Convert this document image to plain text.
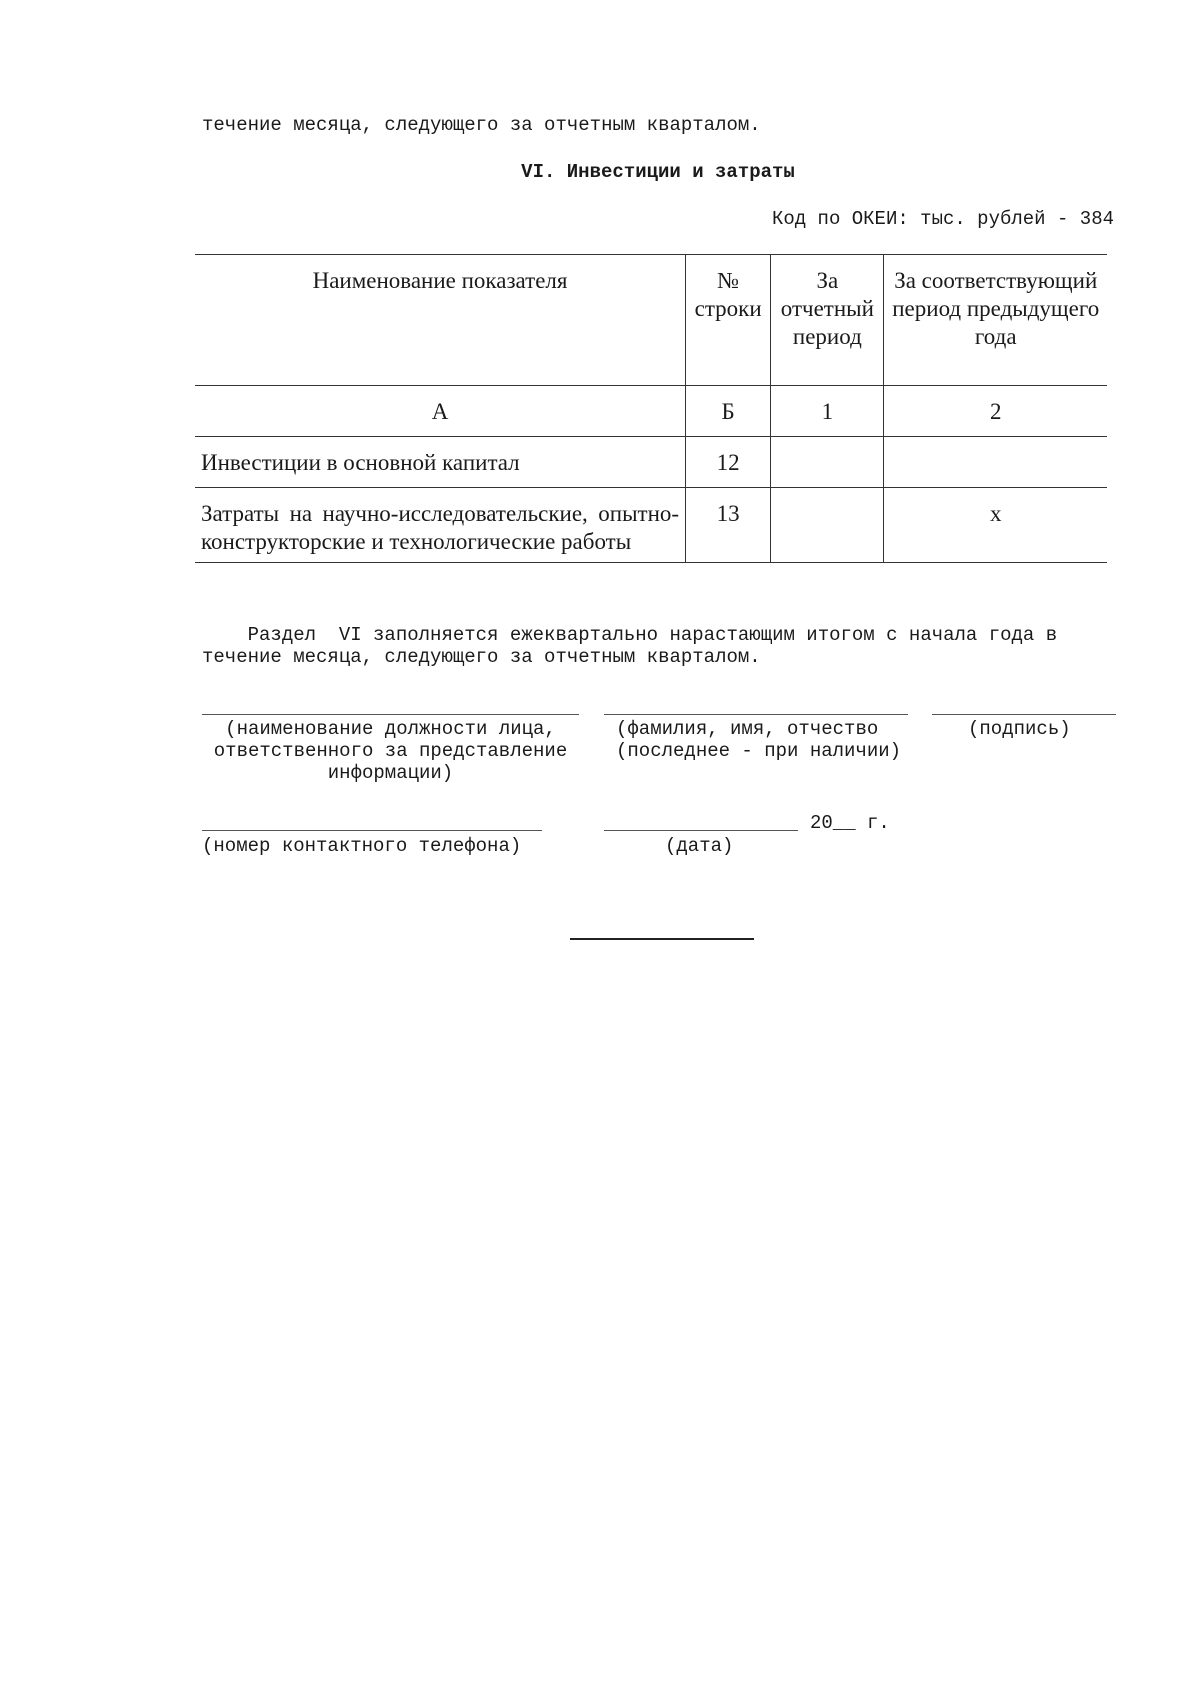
течение месяца, следующего за отчетным кварталом.
VI. Инвестиции и затраты
Код по ОКЕИ: тыс. рублей - 384
Наименование показателя	№ строки	За отчетный период	За соответствующий период предыдущего года
А	Б	1	2
Инвестиции в основной капитал	12		
Затраты на научно-исследовательские, опытно-конструкторские и технологические работы	13		x
Раздел  VI заполняется ежеквартально нарастающим итогом с начала года в
течение месяца, следующего за отчетным кварталом.
(наименование должности лица, ответственного за представление информации)
(фамилия, имя, отчество
(последнее - при наличии)
(подпись)
20__ г.
(номер контактного телефона)	(дата)
